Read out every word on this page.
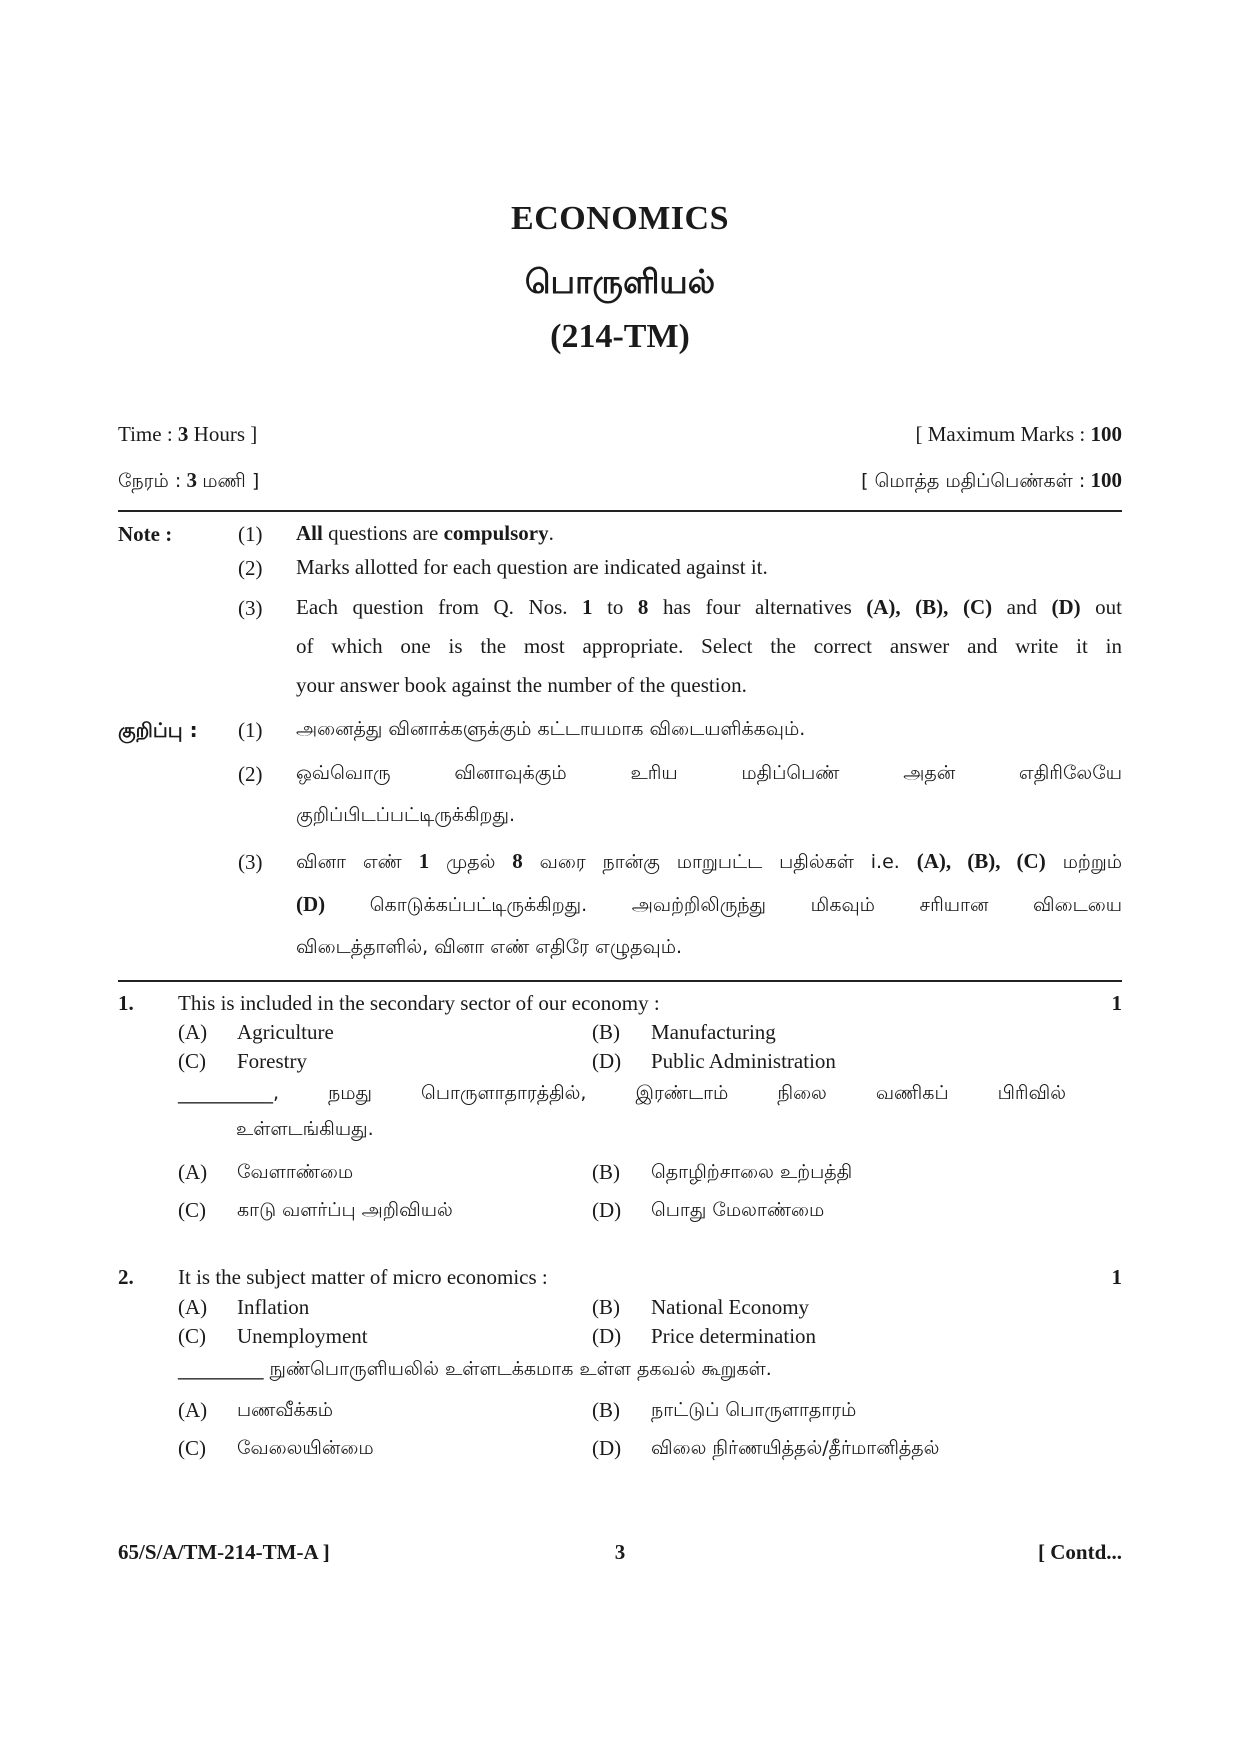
ECONOMICS
பொருளியல்
(214-TM)
Time : 3 Hours ]	[ Maximum Marks : 100
நேரம் : 3 மணி ]	[ மொத்த மதிப்பெண்கள் : 100
Note :	(1) All questions are compulsory.
(2) Marks allotted for each question are indicated against it.
(3) Each question from Q. Nos. 1 to 8 has four alternatives (A), (B), (C) and (D) out
of which one is the most appropriate. Select the correct answer and write it in
your answer book against the number of the question.
குறிப்பு : (1) அனைத்து வினாக்களுக்கும் கட்டாயமாக விடையளிக்கவும்.
(2) ஒவ்வொரு வினாவுக்கும் உரிய மதிப்பெண் அதன் எதிரிலேயே
குறிப்பிடப்பட்டிருக்கிறது.
(3) வினா எண் 1 முதல் 8 வரை நான்கு மாறுபட்ட பதில்கள் i.e. (A), (B), (C) மற்றும்
(D) கொடுக்கப்பட்டிருக்கிறது. அவற்றிலிருந்து மிகவும் சரியான விடையை
விடைத்தாளில், வினா எண் எதிரே எழுதவும்.
1. This is included in the secondary sector of our economy :	1
(A) Agriculture	(B) Manufacturing
(C) Forestry	(D) Public Administration
__________, நமது பொருளாதாரத்தில், இரண்டாம் நிலை வணிகப் பிரிவில்
உள்ளடங்கியது.
(A) வேளாண்மை	(B) தொழிற்சாலை உற்பத்தி
(C) காடு வளர்ப்பு அறிவியல்	(D) பொது மேலாண்மை
2. It is the subject matter of micro economics :	1
(A) Inflation	(B) National Economy
(C) Unemployment	(D) Price determination
_________ நுண்பொருளியலில் உள்ளடக்கமாக உள்ள தகவல் கூறுகள்.
(A) பணவீக்கம்	(B) நாட்டுப் பொருளாதாரம்
(C) வேலையின்மை	(D) விலை நிர்ணயித்தல்/தீர்மானித்தல்
65/S/A/TM-214-TM-A ]	3	[ Contd...
